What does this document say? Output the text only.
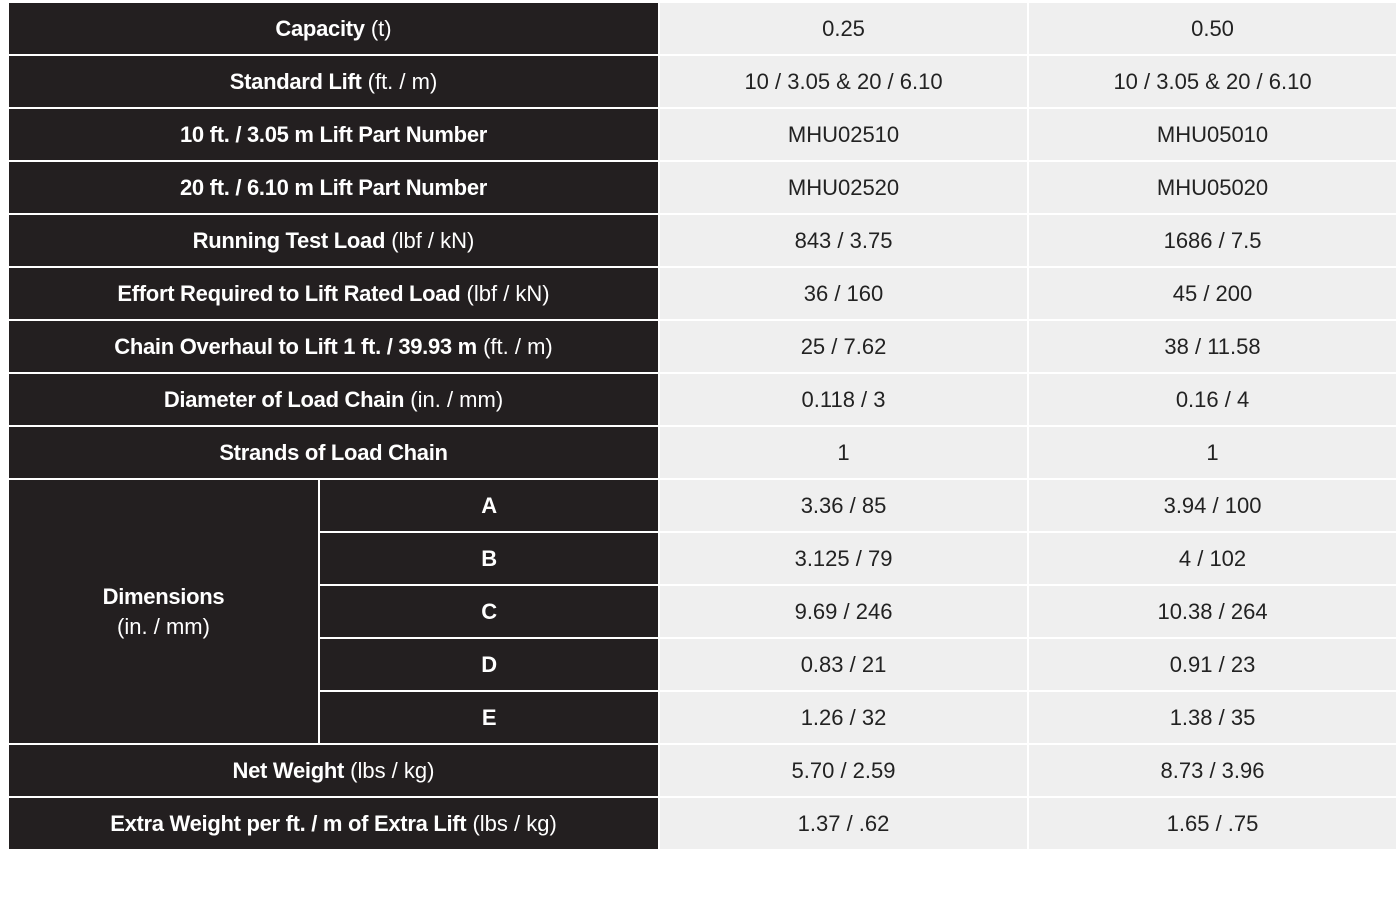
Capacity (t)		0.25	0.50
Standard Lift (ft. / m)		10 / 3.05 & 20 / 6.10	10 / 3.05 & 20 / 6.10
10 ft. / 3.05 m Lift Part Number		MHU02510	MHU05010
20 ft. / 6.10 m Lift Part Number		MHU02520	MHU05020
Running Test Load (lbf / kN)		843 / 3.75	1686 / 7.5
Effort Required to Lift Rated Load (lbf / kN)		36 / 160	45 / 200
Chain Overhaul to Lift 1 ft. / 39.93 m (ft. / m)		25 / 7.62	38 / 11.58
Diameter of Load Chain (in. / mm)		0.118 / 3	0.16 / 4
Strands of Load Chain		1	1

Dimensions
(in. / mm)	A	3.36 / 85	3.94 / 100
	B	3.125 / 79	4 / 102
	C	9.69 / 246	10.38 / 264
	D	0.83 / 21	0.91 / 23
	E	1.26 / 32	1.38 / 35
Net Weight (lbs / kg)		5.70 / 2.59	8.73 / 3.96
Extra Weight per ft. / m of Extra Lift (lbs / kg)		1.37 / .62	1.65 / .75
